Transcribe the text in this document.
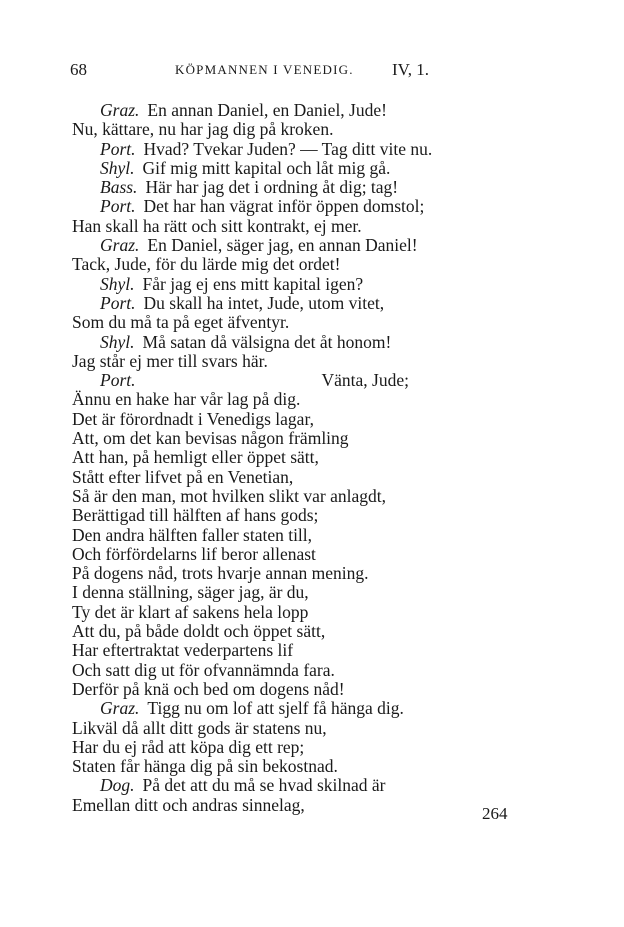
68	KÖPMANNEN I VENEDIG. IV, 1.
Graz. En annan Daniel, en Daniel, Jude!
Nu, kättare, nu har jag dig på kroken.
Port. Hvad? Tvekar Juden? — Tag ditt vite nu.
Shyl. Gif mig mitt kapital och låt mig gå.
Bass. Här har jag det i ordning åt dig; tag!
Port. Det har han vägrat inför öppen domstol;
Han skall ha rätt och sitt kontrakt, ej mer.
Graz. En Daniel, säger jag, en annan Daniel!
Tack, Jude, för du lärde mig det ordet!
Shyl. Får jag ej ens mitt kapital igen?
Port. Du skall ha intet, Jude, utom vitet,
Som du må ta på eget äfventyr.
Shyl. Må satan då välsigna det åt honom!
Jag står ej mer till svars här.
Port.	Vänta, Jude;
Ännu en hake har vår lag på dig.
Det är förordnadt i Venedigs lagar,
Att, om det kan bevisas någon främling
Att han, på hemligt eller öppet sätt,
Stått efter lifvet på en Venetian,
Så är den man, mot hvilken slikt var anlagdt,
Berättigad till hälften af hans gods;
Den andra hälften faller staten till,
Och förfördelarns lif beror allenast
På dogens nåd, trots hvarje annan mening.
I denna ställning, säger jag, är du,
Ty det är klart af sakens hela lopp
Att du, på både doldt och öppet sätt,
Har eftertraktat vederpartens lif
Och satt dig ut för ofvannämnda fara.
Derför på knä och bed om dogens nåd!
Graz. Tigg nu om lof att sjelf få hänga dig.
Likväl då allt ditt gods är statens nu,
Har du ej råd att köpa dig ett rep;
Staten får hänga dig på sin bekostnad.
Dog. På det att du må se hvad skilnad är
Emellan ditt och andras sinnelag,	264
